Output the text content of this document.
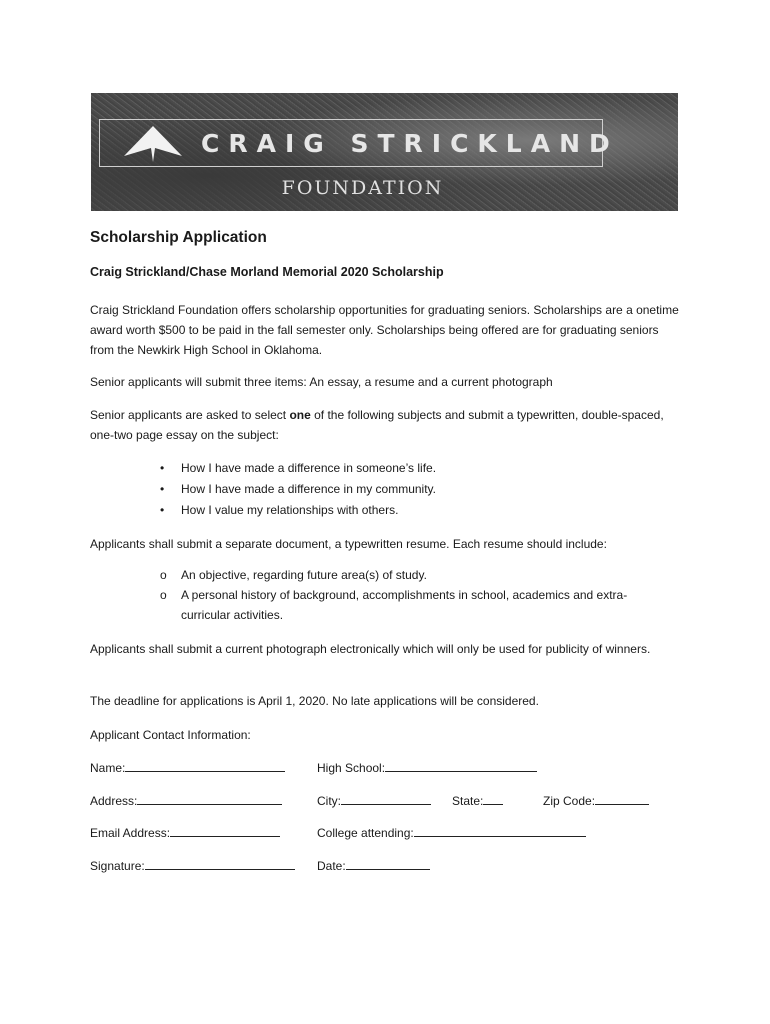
CRAIG STRICKLAND
FOUNDATION
Scholarship Application
Craig Strickland/Chase Morland Memorial 2020 Scholarship
Craig Strickland Foundation offers scholarship opportunities for graduating seniors. Scholarships are a onetime award worth $500 to be paid in the fall semester only. Scholarships being offered are for graduating seniors from the Newkirk High School in Oklahoma.
Senior applicants will submit three items: An essay, a resume and a current photograph
Senior applicants are asked to select one of the following subjects and submit a typewritten, double-spaced, one-two page essay on the subject:
• How I have made a difference in someone’s life.
• How I have made a difference in my community.
• How I value my relationships with others.
Applicants shall submit a separate document, a typewritten resume. Each resume should include:
o An objective, regarding future area(s) of study.
o A personal history of background, accomplishments in school, academics and extra-curricular activities.
Applicants shall submit a current photograph electronically which will only be used for publicity of winners.
The deadline for applications is April 1, 2020. No late applications will be considered.
Applicant Contact Information:
Name:	High School:
Address:	City:	State:	Zip Code:
Email Address:	College attending:
Signature:	Date:
